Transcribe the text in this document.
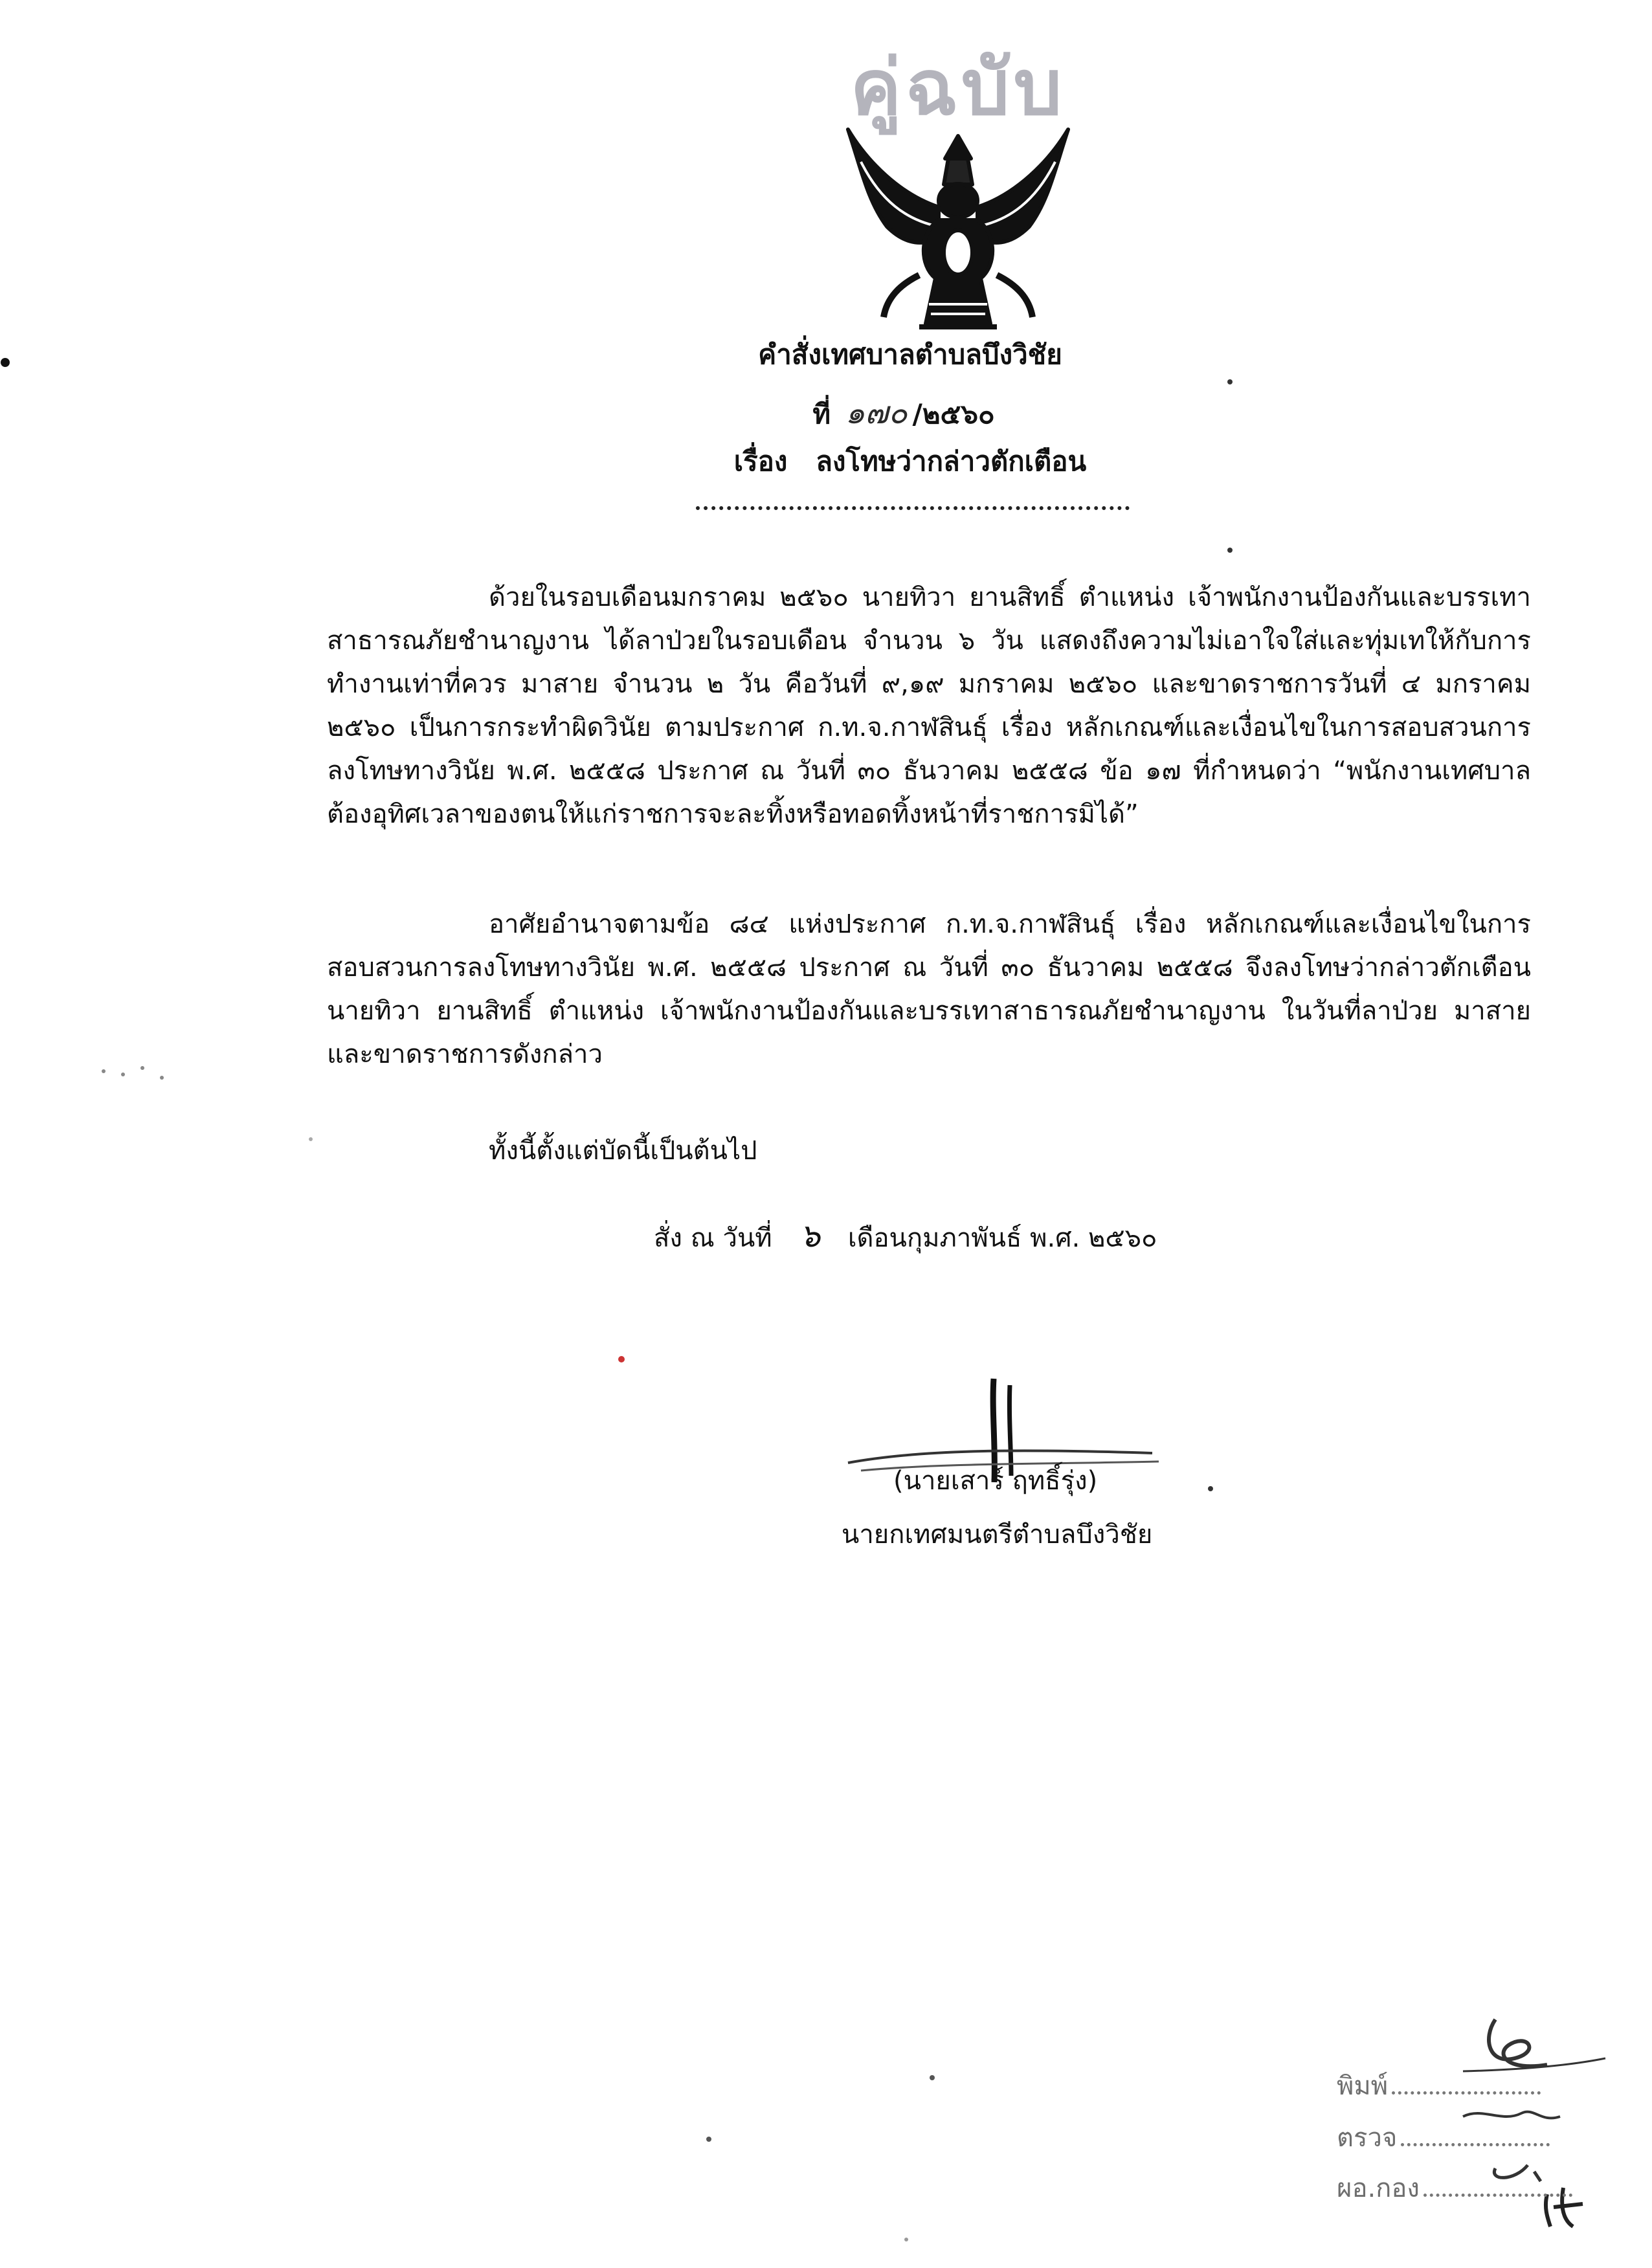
คู่ฉบับ
คำสั่งเทศบาลตำบลบึงวิชัย
ที่ ๑๗๐ /๒๕๖๐
เรื่อง ลงโทษว่ากล่าวตักเตือน
ด้วยในรอบเดือนมกราคม ๒๕๖๐ นายทิวา ยานสิทธิ์ ตำแหน่ง เจ้าพนักงานป้องกันและบรรเทาสาธารณภัยชำนาญงาน ได้ลาป่วยในรอบเดือน จำนวน ๖ วัน แสดงถึงความไม่เอาใจใส่และทุ่มเทให้กับการทำงานเท่าที่ควร มาสาย จำนวน ๒ วัน คือวันที่ ๙,๑๙ มกราคม ๒๕๖๐ และขาดราชการวันที่ ๔ มกราคม ๒๕๖๐ เป็นการกระทำผิดวินัย ตามประกาศ ก.ท.จ.กาฬสินธุ์ เรื่อง หลักเกณฑ์และเงื่อนไขในการสอบสวนการลงโทษทางวินัย พ.ศ. ๒๕๕๘ ประกาศ ณ วันที่ ๓๐ ธันวาคม ๒๕๕๘ ข้อ ๑๗ ที่กำหนดว่า “พนักงานเทศบาลต้องอุทิศเวลาของตนให้แก่ราชการจะละทิ้งหรือทอดทิ้งหน้าที่ราชการมิได้”
อาศัยอำนาจตามข้อ ๘๔ แห่งประกาศ ก.ท.จ.กาฬสินธุ์ เรื่อง หลักเกณฑ์และเงื่อนไขในการสอบสวนการลงโทษทางวินัย พ.ศ. ๒๕๕๘ ประกาศ ณ วันที่ ๓๐ ธันวาคม ๒๕๕๘ จึงลงโทษว่ากล่าวตักเตือนนายทิวา ยานสิทธิ์ ตำแหน่ง เจ้าพนักงานป้องกันและบรรเทาสาธารณภัยชำนาญงาน ในวันที่ลาป่วย มาสาย และขาดราชการดังกล่าว
ทั้งนี้ตั้งแต่บัดนี้เป็นต้นไป
สั่ง ณ วันที่ ๖ เดือนกุมภาพันธ์ พ.ศ. ๒๕๖๐
(นายเสาร์ ฤทธิ์รุ่ง)
นายกเทศมนตรีตำบลบึงวิชัย
พิมพ์
ตรวจ
ผอ.กอง
